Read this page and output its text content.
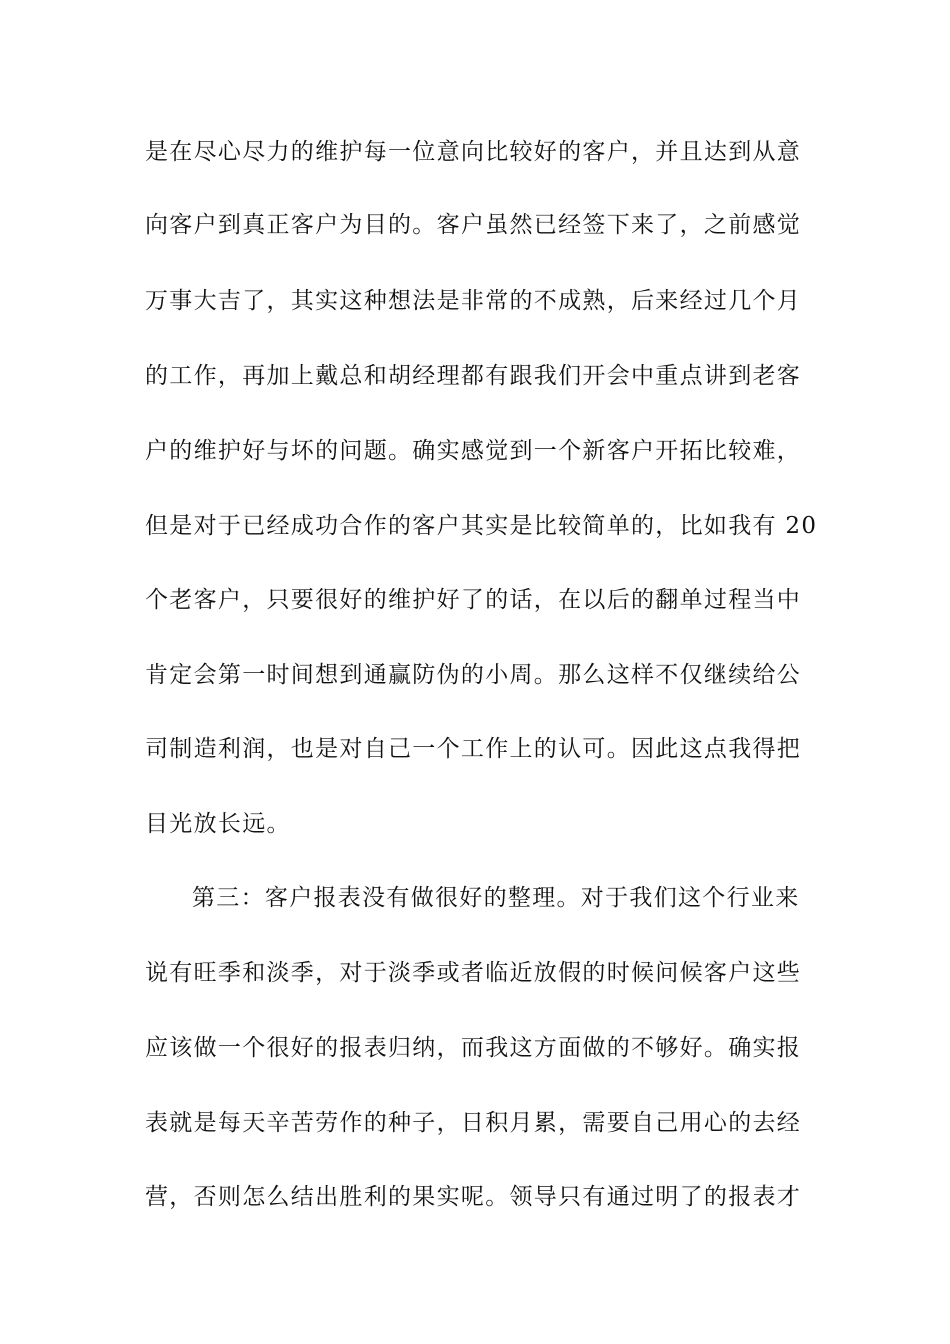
是在尽心尽力的维护每一位意向比较好的客户，并且达到从意
向客户到真正客户为目的。客户虽然已经签下来了，之前感觉
万事大吉了，其实这种想法是非常的不成熟，后来经过几个月
的工作，再加上戴总和胡经理都有跟我们开会中重点讲到老客
户的维护好与坏的问题。确实感觉到一个新客户开拓比较难，
但是对于已经成功合作的客户其实是比较简单的，比如我有 20
个老客户，只要很好的维护好了的话，在以后的翻单过程当中
肯定会第一时间想到通赢防伪的小周。那么这样不仅继续给公
司制造利润，也是对自己一个工作上的认可。因此这点我得把
目光放长远。
第三：客户报表没有做很好的整理。对于我们这个行业来
说有旺季和淡季，对于淡季或者临近放假的时候问候客户这些
应该做一个很好的报表归纳，而我这方面做的不够好。确实报
表就是每天辛苦劳作的种子，日积月累，需要自己用心的去经
营，否则怎么结出胜利的果实呢。领导只有通过明了的报表才
